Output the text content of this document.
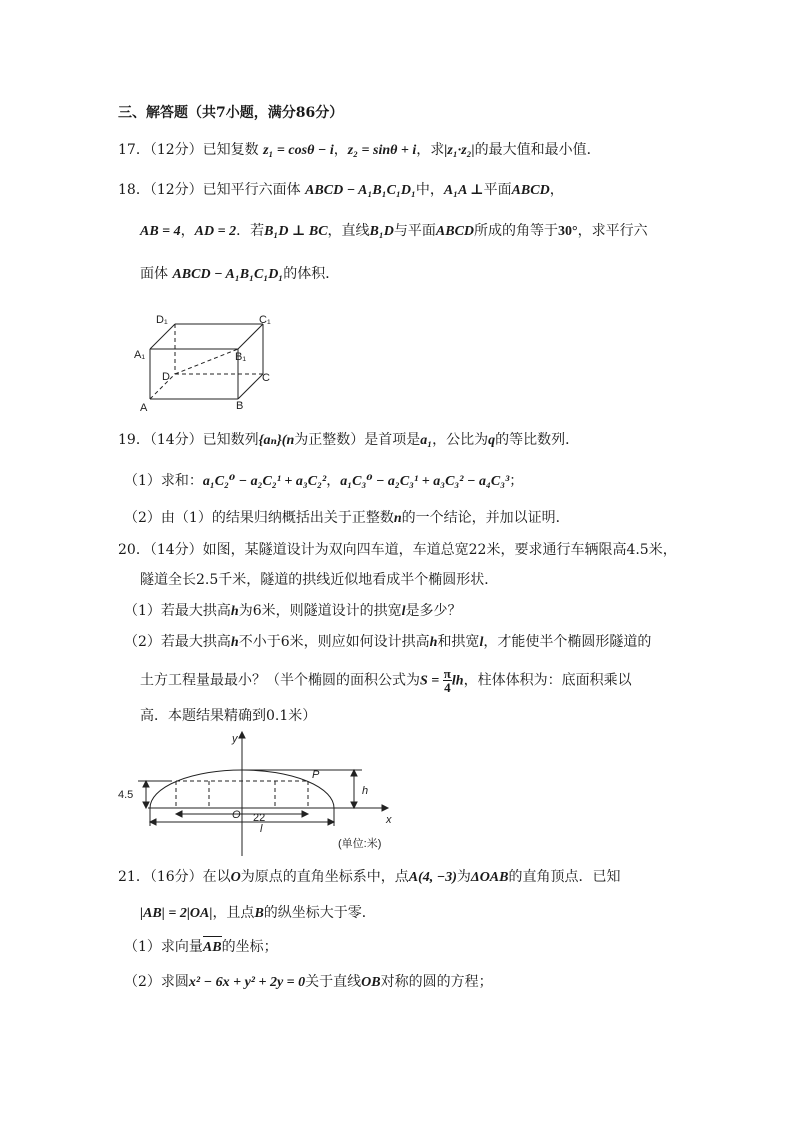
三、解答题（共7小题，满分86分）
17．（12分）已知复数 z₁ = cosθ − i，z₂ = sinθ + i，求|z₁·z₂|的最大值和最小值．
18．（12分）已知平行六面体 ABCD − A₁B₁C₁D₁中，A₁A ⊥平面ABCD，
AB = 4，AD = 2．若B₁D ⊥ BC，直线B₁D与平面ABCD所成的角等于30°，求平行六
面体 ABCD − A₁B₁C₁D₁的体积．
D₁	C₁
A₁	B₁
D	C
A	B
19．（14分）已知数列{aₙ}(n为正整数）是首项是a₁，公比为q的等比数列．
（1）求和：a₁C₂⁰ − a₂C₂¹ + a₃C₂²，a₁C₃⁰ − a₂C₃¹ + a₃C₃² − a₄C₃³；
（2）由（1）的结果归纳概括出关于正整数n的一个结论，并加以证明．
20．（14分）如图，某隧道设计为双向四车道，车道总宽22米，要求通行车辆限高4.5米，
隧道全长2.5千米，隧道的拱线近似地看成半个椭圆形状．
（1）若最大拱高h为6米，则隧道设计的拱宽l是多少？
（2）若最大拱高h不小于6米，则应如何设计拱高h和拱宽l，才能使半个椭圆形隧道的
土方工程量最最小？（半个椭圆的面积公式为$S = \frac{\pi}{4}$ lh，柱体体积为：底面积乘以
高．本题结果精确到0.1米）
y
x
O
P
h
l
22
4.5
(单位:米)
21．（16分）在以O为原点的直角坐标系中，点A(4, −3)为ΔOAB的直角顶点．已知
|AB| = 2|OA|，且点B的纵坐标大于零．
（1）求向量AB
的坐标；
（2）求圆x² − 6x + y² + 2y = 0关于直线OB对称的圆的方程；
